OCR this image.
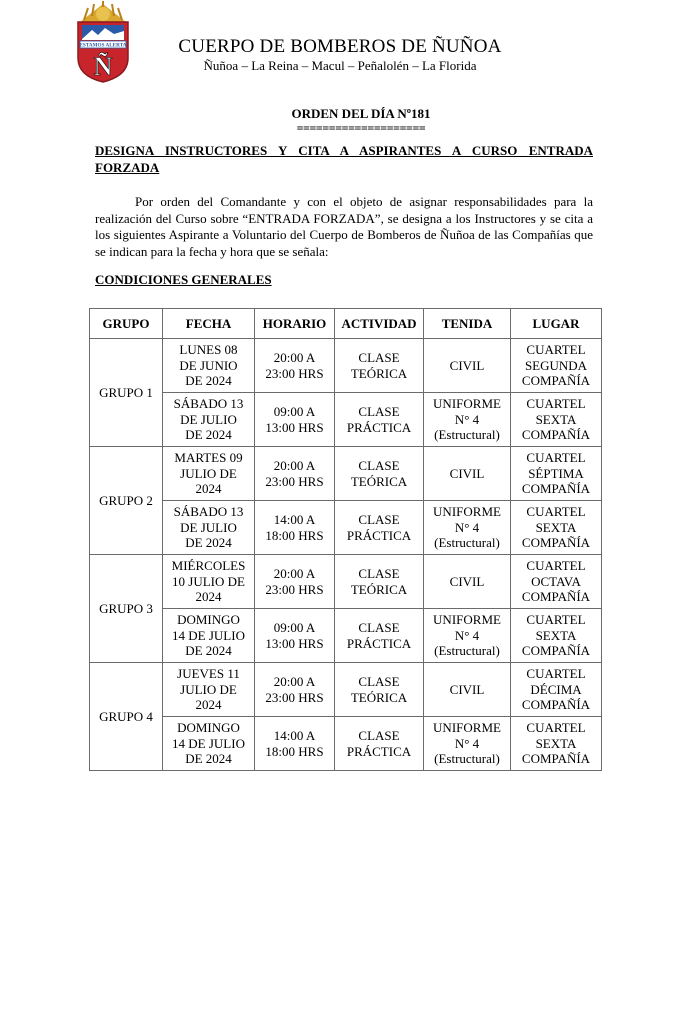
ESTAMOS ALERTA
Ñ
CUERPO DE BOMBEROS DE ÑUÑOA
Ñuñoa – La Reina – Macul – Peñalolén – La Florida
ORDEN DEL DÍA Nº181
====================
DESIGNA INSTRUCTORES Y CITA A ASPIRANTES A CURSO ENTRADA
FORZADA
Por orden del Comandante y con el objeto de asignar responsabilidades para la
realización del Curso sobre “ENTRADA FORZADA”, se designa a los Instructores y se cita a
los siguientes Aspirante a Voluntario del Cuerpo de Bomberos de Ñuñoa de las Compañías que
se indican para la fecha y hora que se señala:
CONDICIONES GENERALES
GRUPO	FECHA	HORARIO	ACTIVIDAD	TENIDA	LUGAR
GRUPO 1	LUNES 08
DE JUNIO
DE 2024	20:00 A
23:00 HRS	CLASE
TEÓRICA	CIVIL	CUARTEL
SEGUNDA
COMPAÑÍA
	SÁBADO 13
DE JULIO
DE 2024	09:00 A
13:00 HRS	CLASE
PRÁCTICA	UNIFORME
N° 4
(Estructural)	CUARTEL
SEXTA
COMPAÑÍA
GRUPO 2	MARTES 09
JULIO DE
2024	20:00 A
23:00 HRS	CLASE
TEÓRICA	CIVIL	CUARTEL
SÉPTIMA
COMPAÑÍA
	SÁBADO 13
DE JULIO
DE 2024	14:00 A
18:00 HRS	CLASE
PRÁCTICA	UNIFORME
N° 4
(Estructural)	CUARTEL
SEXTA
COMPAÑÍA
GRUPO 3	MIÉRCOLES
10 JULIO DE
2024	20:00 A
23:00 HRS	CLASE
TEÓRICA	CIVIL	CUARTEL
OCTAVA
COMPAÑÍA
	DOMINGO
14 DE JULIO
DE 2024	09:00 A
13:00 HRS	CLASE
PRÁCTICA	UNIFORME
N° 4
(Estructural)	CUARTEL
SEXTA
COMPAÑÍA
GRUPO 4	JUEVES 11
JULIO DE
2024	20:00 A
23:00 HRS	CLASE
TEÓRICA	CIVIL	CUARTEL
DÉCIMA
COMPAÑÍA
	DOMINGO
14 DE JULIO
DE 2024	14:00 A
18:00 HRS	CLASE
PRÁCTICA	UNIFORME
N° 4
(Estructural)	CUARTEL
SEXTA
COMPAÑÍA
